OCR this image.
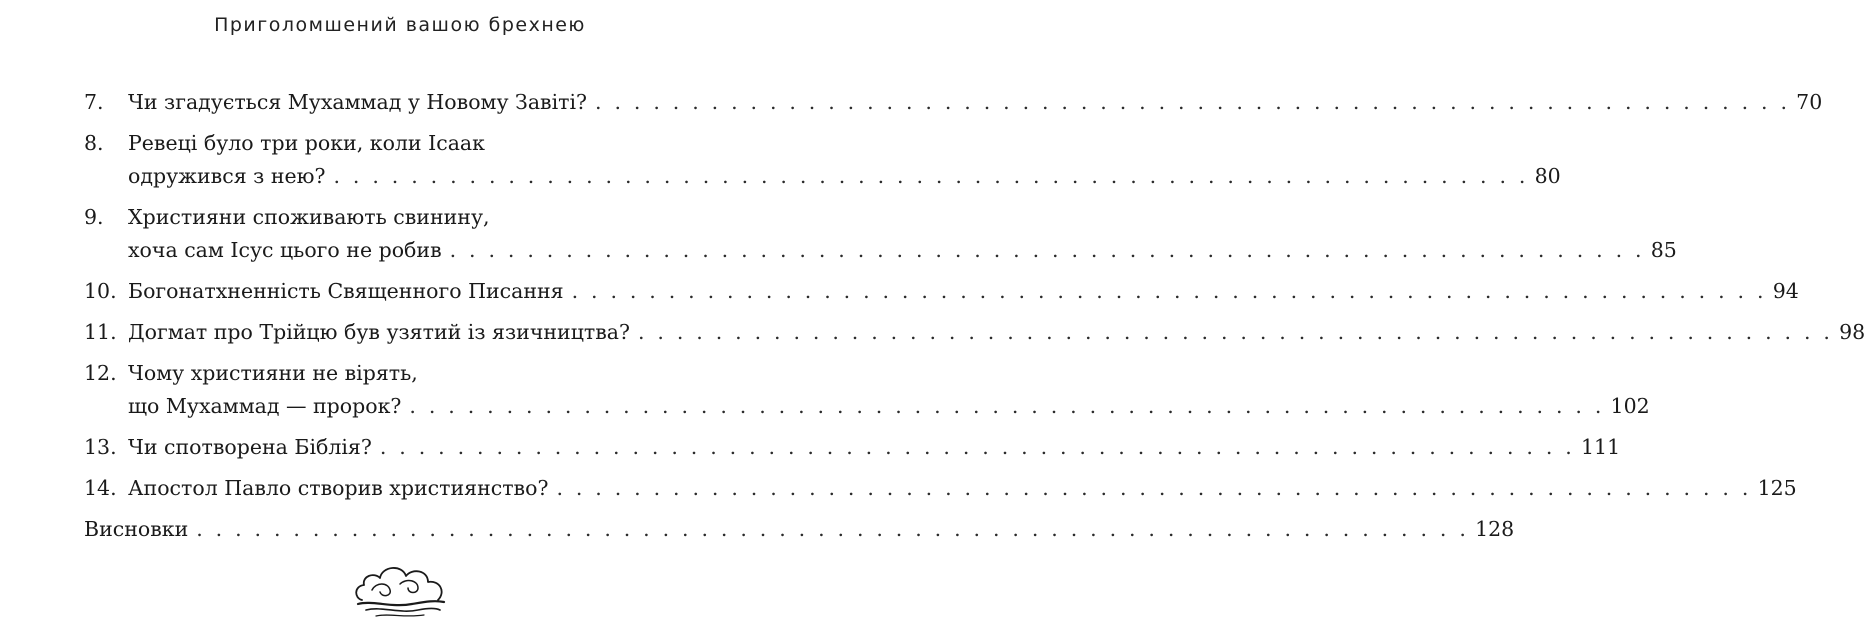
Приголомшений вашою брехнею
7.	Чи згадується Мухаммад у Новому Завіті? . . . . . . . . . . . . . . . . . . . . . . . . . . . . . . . . . . . . . . . . . . . . . . . . . . . . . . . . . . . . . . 70
8.	Ревеці було три роки, коли Ісаак
одружився з нею? . . . . . . . . . . . . . . . . . . . . . . . . . . . . . . . . . . . . . . . . . . . . . . . . . . . . . . . . . . . . . . 80
9.	Християни споживають свинину,
хоча сам Ісус цього не робив . . . . . . . . . . . . . . . . . . . . . . . . . . . . . . . . . . . . . . . . . . . . . . . . . . . . . . . . . . . . . . 85
10. Богонатхненність Священного Писання . . . . . . . . . . . . . . . . . . . . . . . . . . . . . . . . . . . . . . . . . . . . . . . . . . . . . . . . . . . . . . 94
11. Догмат про Трійцю був узятий із язичництва? . . . . . . . . . . . . . . . . . . . . . . . . . . . . . . . . . . . . . . . . . . . . . . . . . . . . . . . . . . . . . . 98
12. Чому християни не вірять,
що Мухаммад — пророк? . . . . . . . . . . . . . . . . . . . . . . . . . . . . . . . . . . . . . . . . . . . . . . . . . . . . . . . . . . . . . . 102
13. Чи спотворена Біблія? . . . . . . . . . . . . . . . . . . . . . . . . . . . . . . . . . . . . . . . . . . . . . . . . . . . . . . . . . . . . . . 111
14. Апостол Павло створив християнство? . . . . . . . . . . . . . . . . . . . . . . . . . . . . . . . . . . . . . . . . . . . . . . . . . . . . . . . . . . . . . . 125
Висновки . . . . . . . . . . . . . . . . . . . . . . . . . . . . . . . . . . . . . . . . . . . . . . . . . . . . . . . . . . . . . . . . . . 128
